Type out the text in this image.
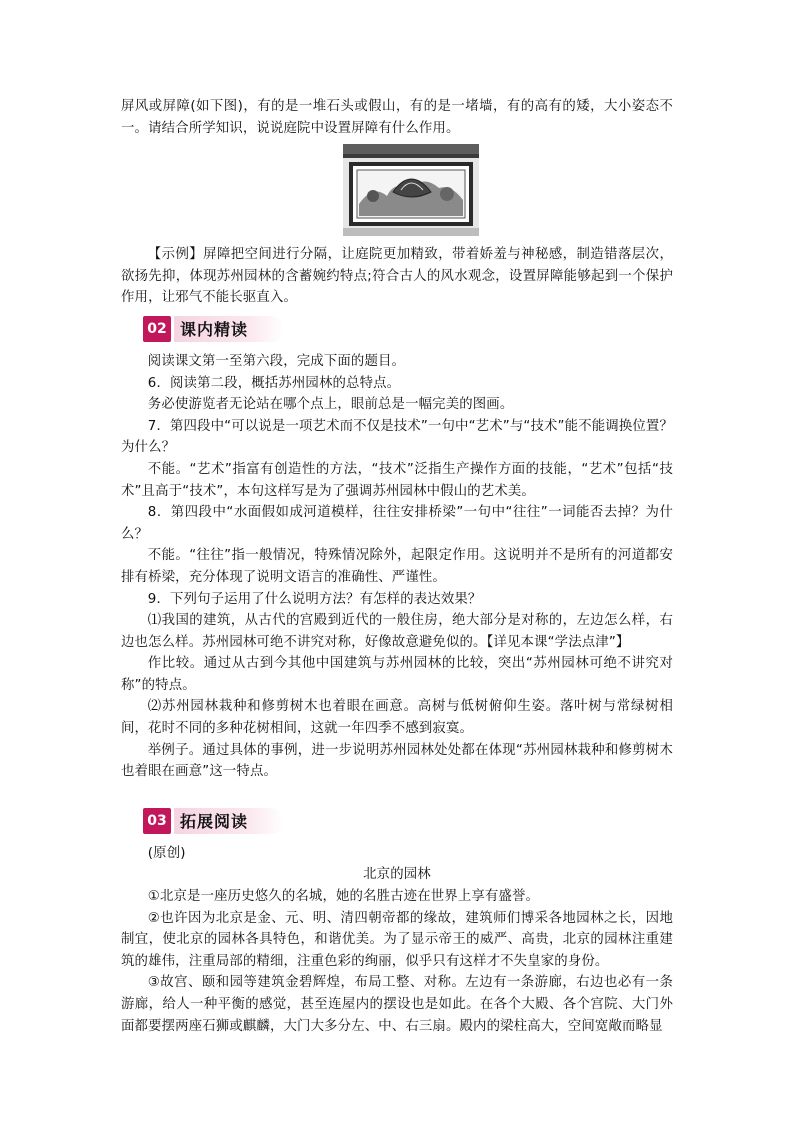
屏风或屏障(如下图)，有的是一堆石头或假山，有的是一堵墙，有的高有的矮，大小姿态不一。请结合所学知识，说说庭院中设置屏障有什么作用。

【示例】屏障把空间进行分隔，让庭院更加精致，带着娇羞与神秘感，制造错落层次，欲扬先抑，体现苏州园林的含蓄婉约特点;符合古人的风水观念，设置屏障能够起到一个保护作用，让邪气不能长驱直入。

02 课内精读

阅读课文第一至第六段，完成下面的题目。

6．阅读第二段，概括苏州园林的总特点。

务必使游览者无论站在哪个点上，眼前总是一幅完美的图画。

7．第四段中“可以说是一项艺术而不仅是技术”一句中“艺术”与“技术”能不能调换位置？为什么？

不能。“艺术”指富有创造性的方法，“技术”泛指生产操作方面的技能，“艺术”包括“技术”且高于“技术”，本句这样写是为了强调苏州园林中假山的艺术美。

8．第四段中“水面假如成河道模样，往往安排桥梁”一句中“往往”一词能否去掉？为什么？

不能。“往往”指一般情况，特殊情况除外，起限定作用。这说明并不是所有的河道都安排有桥梁，充分体现了说明文语言的准确性、严谨性。

9．下列句子运用了什么说明方法？有怎样的表达效果？

⑴我国的建筑，从古代的宫殿到近代的一般住房，绝大部分是对称的，左边怎么样，右边也怎么样。苏州园林可绝不讲究对称，好像故意避免似的。【详见本课“学法点津”】

作比较。通过从古到今其他中国建筑与苏州园林的比较，突出“苏州园林可绝不讲究对称”的特点。

⑵苏州园林栽种和修剪树木也着眼在画意。高树与低树俯仰生姿。落叶树与常绿树相间，花时不同的多种花树相间，这就一年四季不感到寂寞。

举例子。通过具体的事例，进一步说明苏州园林处处都在体现“苏州园林栽种和修剪树木也着眼在画意”这一特点。

03 拓展阅读

(原创)

北京的园林

①北京是一座历史悠久的名城，她的名胜古迹在世界上享有盛誉。

②也许因为北京是金、元、明、清四朝帝都的缘故，建筑师们博采各地园林之长，因地制宜，使北京的园林各具特色，和谐优美。为了显示帝王的威严、高贵，北京的园林注重建筑的雄伟，注重局部的精细，注重色彩的绚丽，似乎只有这样才不失皇家的身份。

③故宫、颐和园等建筑金碧辉煌，布局工整、对称。左边有一条游廊，右边也必有一条游廊，给人一种平衡的感觉，甚至连屋内的摆设也是如此。在各个大殿、各个宫院、大门外面都要摆两座石狮或麒麟，大门大多分左、中、右三扇。殿内的梁柱高大，空间宽敞而略显
